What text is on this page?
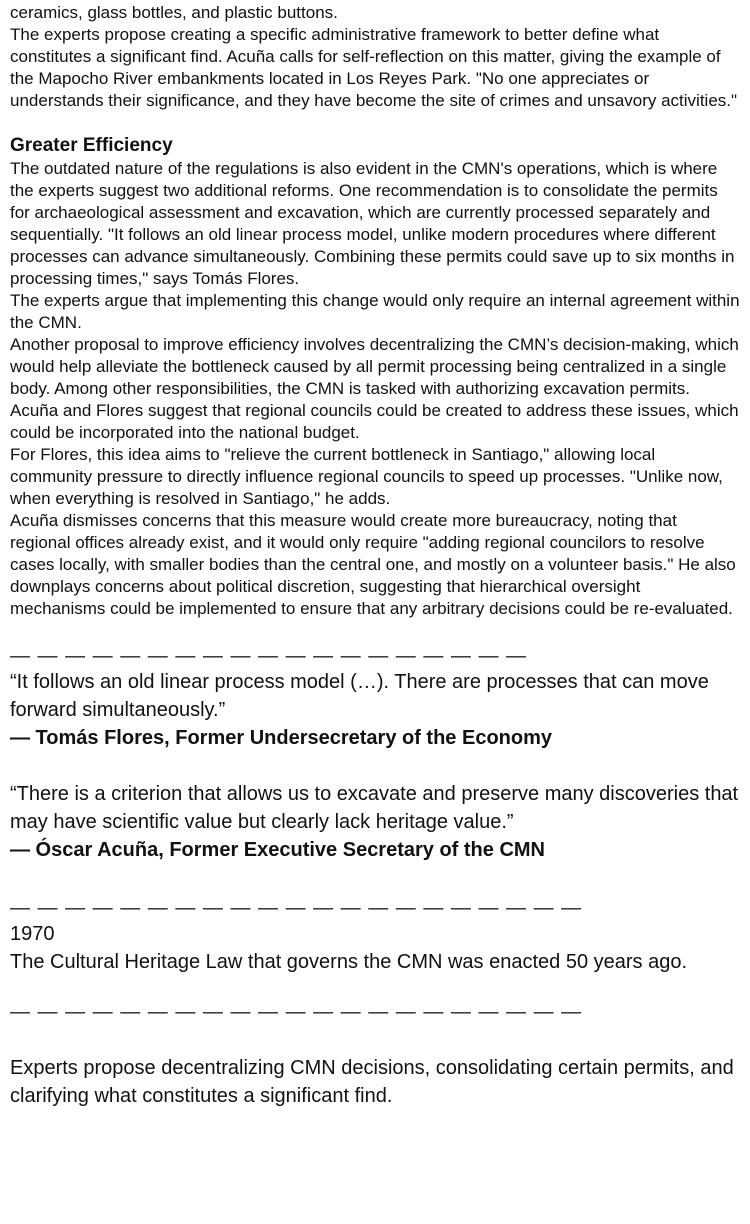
ceramics, glass bottles, and plastic buttons.

The experts propose creating a specific administrative framework to better define what constitutes a significant find. Acuña calls for self-reflection on this matter, giving the example of the Mapocho River embankments located in Los Reyes Park. "No one appreciates or understands their significance, and they have become the site of crimes and unsavory activities."

Greater Efficiency

The outdated nature of the regulations is also evident in the CMN's operations, which is where the experts suggest two additional reforms. One recommendation is to consolidate the permits for archaeological assessment and excavation, which are currently processed separately and sequentially. "It follows an old linear process model, unlike modern procedures where different processes can advance simultaneously. Combining these permits could save up to six months in processing times," says Tomás Flores.

The experts argue that implementing this change would only require an internal agreement within the CMN.

Another proposal to improve efficiency involves decentralizing the CMN’s decision-making, which would help alleviate the bottleneck caused by all permit processing being centralized in a single body. Among other responsibilities, the CMN is tasked with authorizing excavation permits. Acuña and Flores suggest that regional councils could be created to address these issues, which could be incorporated into the national budget.

For Flores, this idea aims to "relieve the current bottleneck in Santiago," allowing local community pressure to directly influence regional councils to speed up processes. "Unlike now, when everything is resolved in Santiago," he adds.

Acuña dismisses concerns that this measure would create more bureaucracy, noting that regional offices already exist, and it would only require "adding regional councilors to resolve cases locally, with smaller bodies than the central one, and mostly on a volunteer basis." He also downplays concerns about political discretion, suggesting that hierarchical oversight mechanisms could be implemented to ensure that any arbitrary decisions could be re-evaluated.

— — — — — — — — — — — — — — — — — — —

“It follows an old linear process model (…). There are processes that can move forward simultaneously.”

— Tomás Flores, Former Undersecretary of the Economy

“There is a criterion that allows us to excavate and preserve many discoveries that may have scientific value but clearly lack heritage value.”

— Óscar Acuña, Former Executive Secretary of the CMN

— — — — — — — — — — — — — — — — — — — — —

1970

The Cultural Heritage Law that governs the CMN was enacted 50 years ago.

— — — — — — — — — — — — — — — — — — — — —

Experts propose decentralizing CMN decisions, consolidating certain permits, and clarifying what constitutes a significant find.
